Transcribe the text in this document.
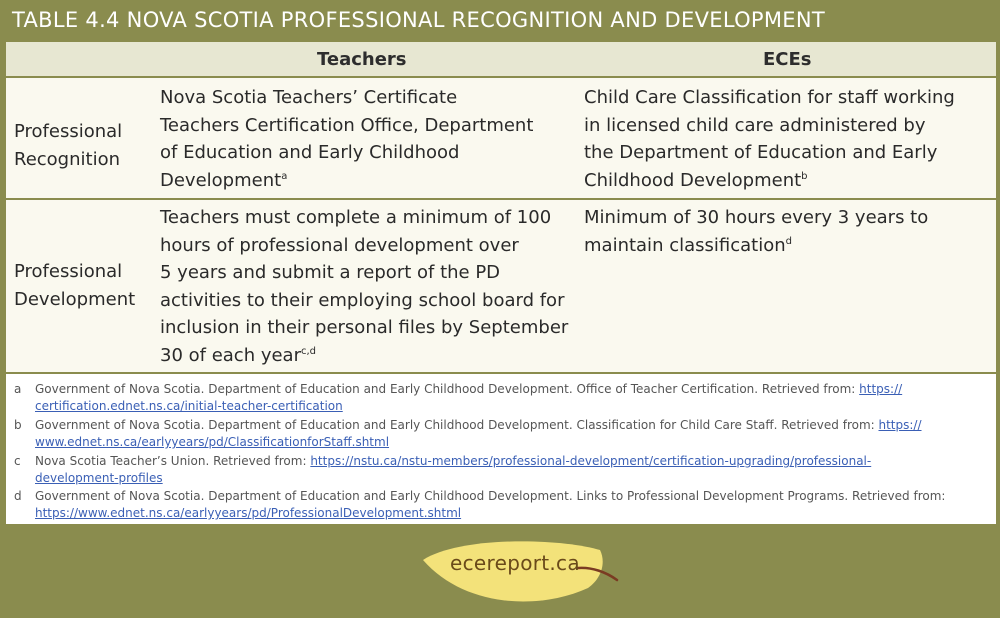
TABLE 4.4 NOVA SCOTIA PROFESSIONAL RECOGNITION AND DEVELOPMENT
Teachers	ECEs
Professional
Recognition
Nova Scotia Teachers’ Certificate
Teachers Certification Office, Department
of Education and Early Childhood
Development$^a$
Child Care Classification for staff working
in licensed child care administered by
the Department of Education and Early
Childhood Development$^b$
Professional
Development
Teachers must complete a minimum of 100
hours of professional development over
5 years and submit a report of the PD
activities to their employing school board for
inclusion in their personal files by September
30 of each year$^{c,d}$
Minimum of 30 hours every 3 years to
maintain classification$^d$
a Government of Nova Scotia. Department of Education and Early Childhood Development. Office of Teacher Certification. Retrieved from: https://
certification.ednet.ns.ca/initial-teacher-certification
b Government of Nova Scotia. Department of Education and Early Childhood Development. Classification for Child Care Staff. Retrieved from: https://
www.ednet.ns.ca/earlyyears/pd/ClassificationforStaff.shtml
c Nova Scotia Teacher’s Union. Retrieved from: https://nstu.ca/nstu-members/professional-development/certification-upgrading/professional-
development-profiles
d Government of Nova Scotia. Department of Education and Early Childhood Development. Links to Professional Development Programs. Retrieved from:
https://www.ednet.ns.ca/earlyyears/pd/ProfessionalDevelopment.shtml
ecereport.ca
